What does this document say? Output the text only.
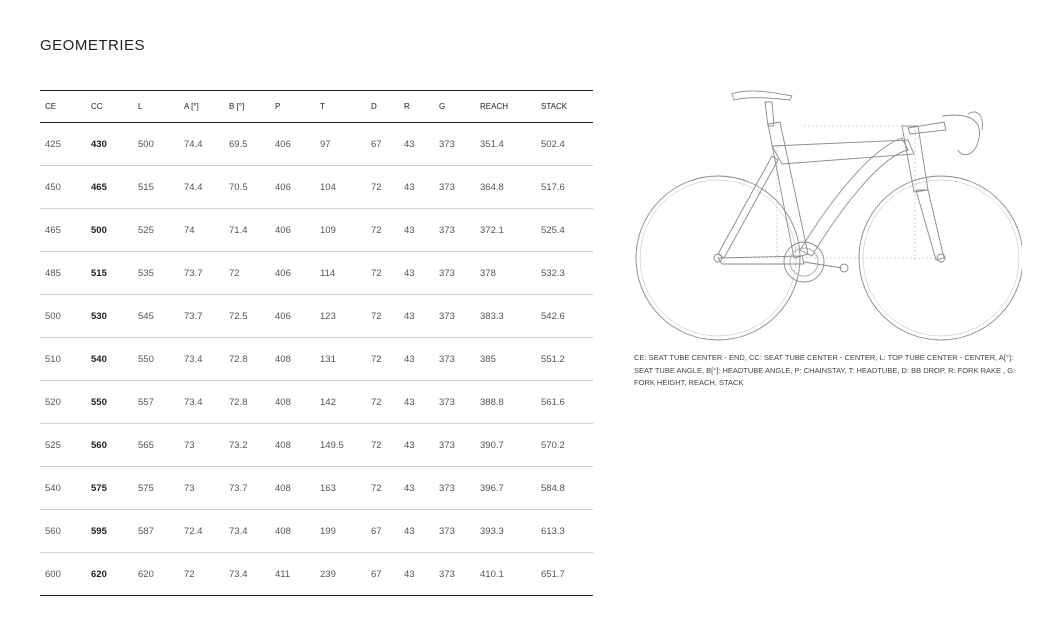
GEOMETRIES
CE	CC	L	A [°]	B [°]	P	T	D	R	G	REACH	STACK
425	430	500	74.4	69.5	406	97	67	43	373	351.4	502.4
450	465	515	74.4	70.5	406	104	72	43	373	364.8	517.6
465	500	525	74	71.4	406	109	72	43	373	372.1	525.4
485	515	535	73.7	72	406	114	72	43	373	378	532.3
500	530	545	73.7	72.5	406	123	72	43	373	383.3	542.6
510	540	550	73.4	72.8	408	131	72	43	373	385	551.2
520	550	557	73.4	72.8	408	142	72	43	373	388.8	561.6
525	560	565	73	73.2	408	149.5	72	43	373	390.7	570.2
540	575	575	73	73.7	408	163	72	43	373	396.7	584.8
560	595	587	72.4	73.4	408	199	67	43	373	393.3	613.3
600	620	620	72	73.4	411	239	67	43	373	410.1	651.7
CE: SEAT TUBE CENTER - END, CC: SEAT TUBE CENTER - CENTER, L: TOP TUBE CENTER - CENTER, A[°]: SEAT TUBE ANGLE, B[°]: HEADTUBE ANGLE, P: CHAINSTAY, T: HEADTUBE, D: BB DROP, R: FORK RAKE , G: FORK HEIGHT, REACH, STACK
